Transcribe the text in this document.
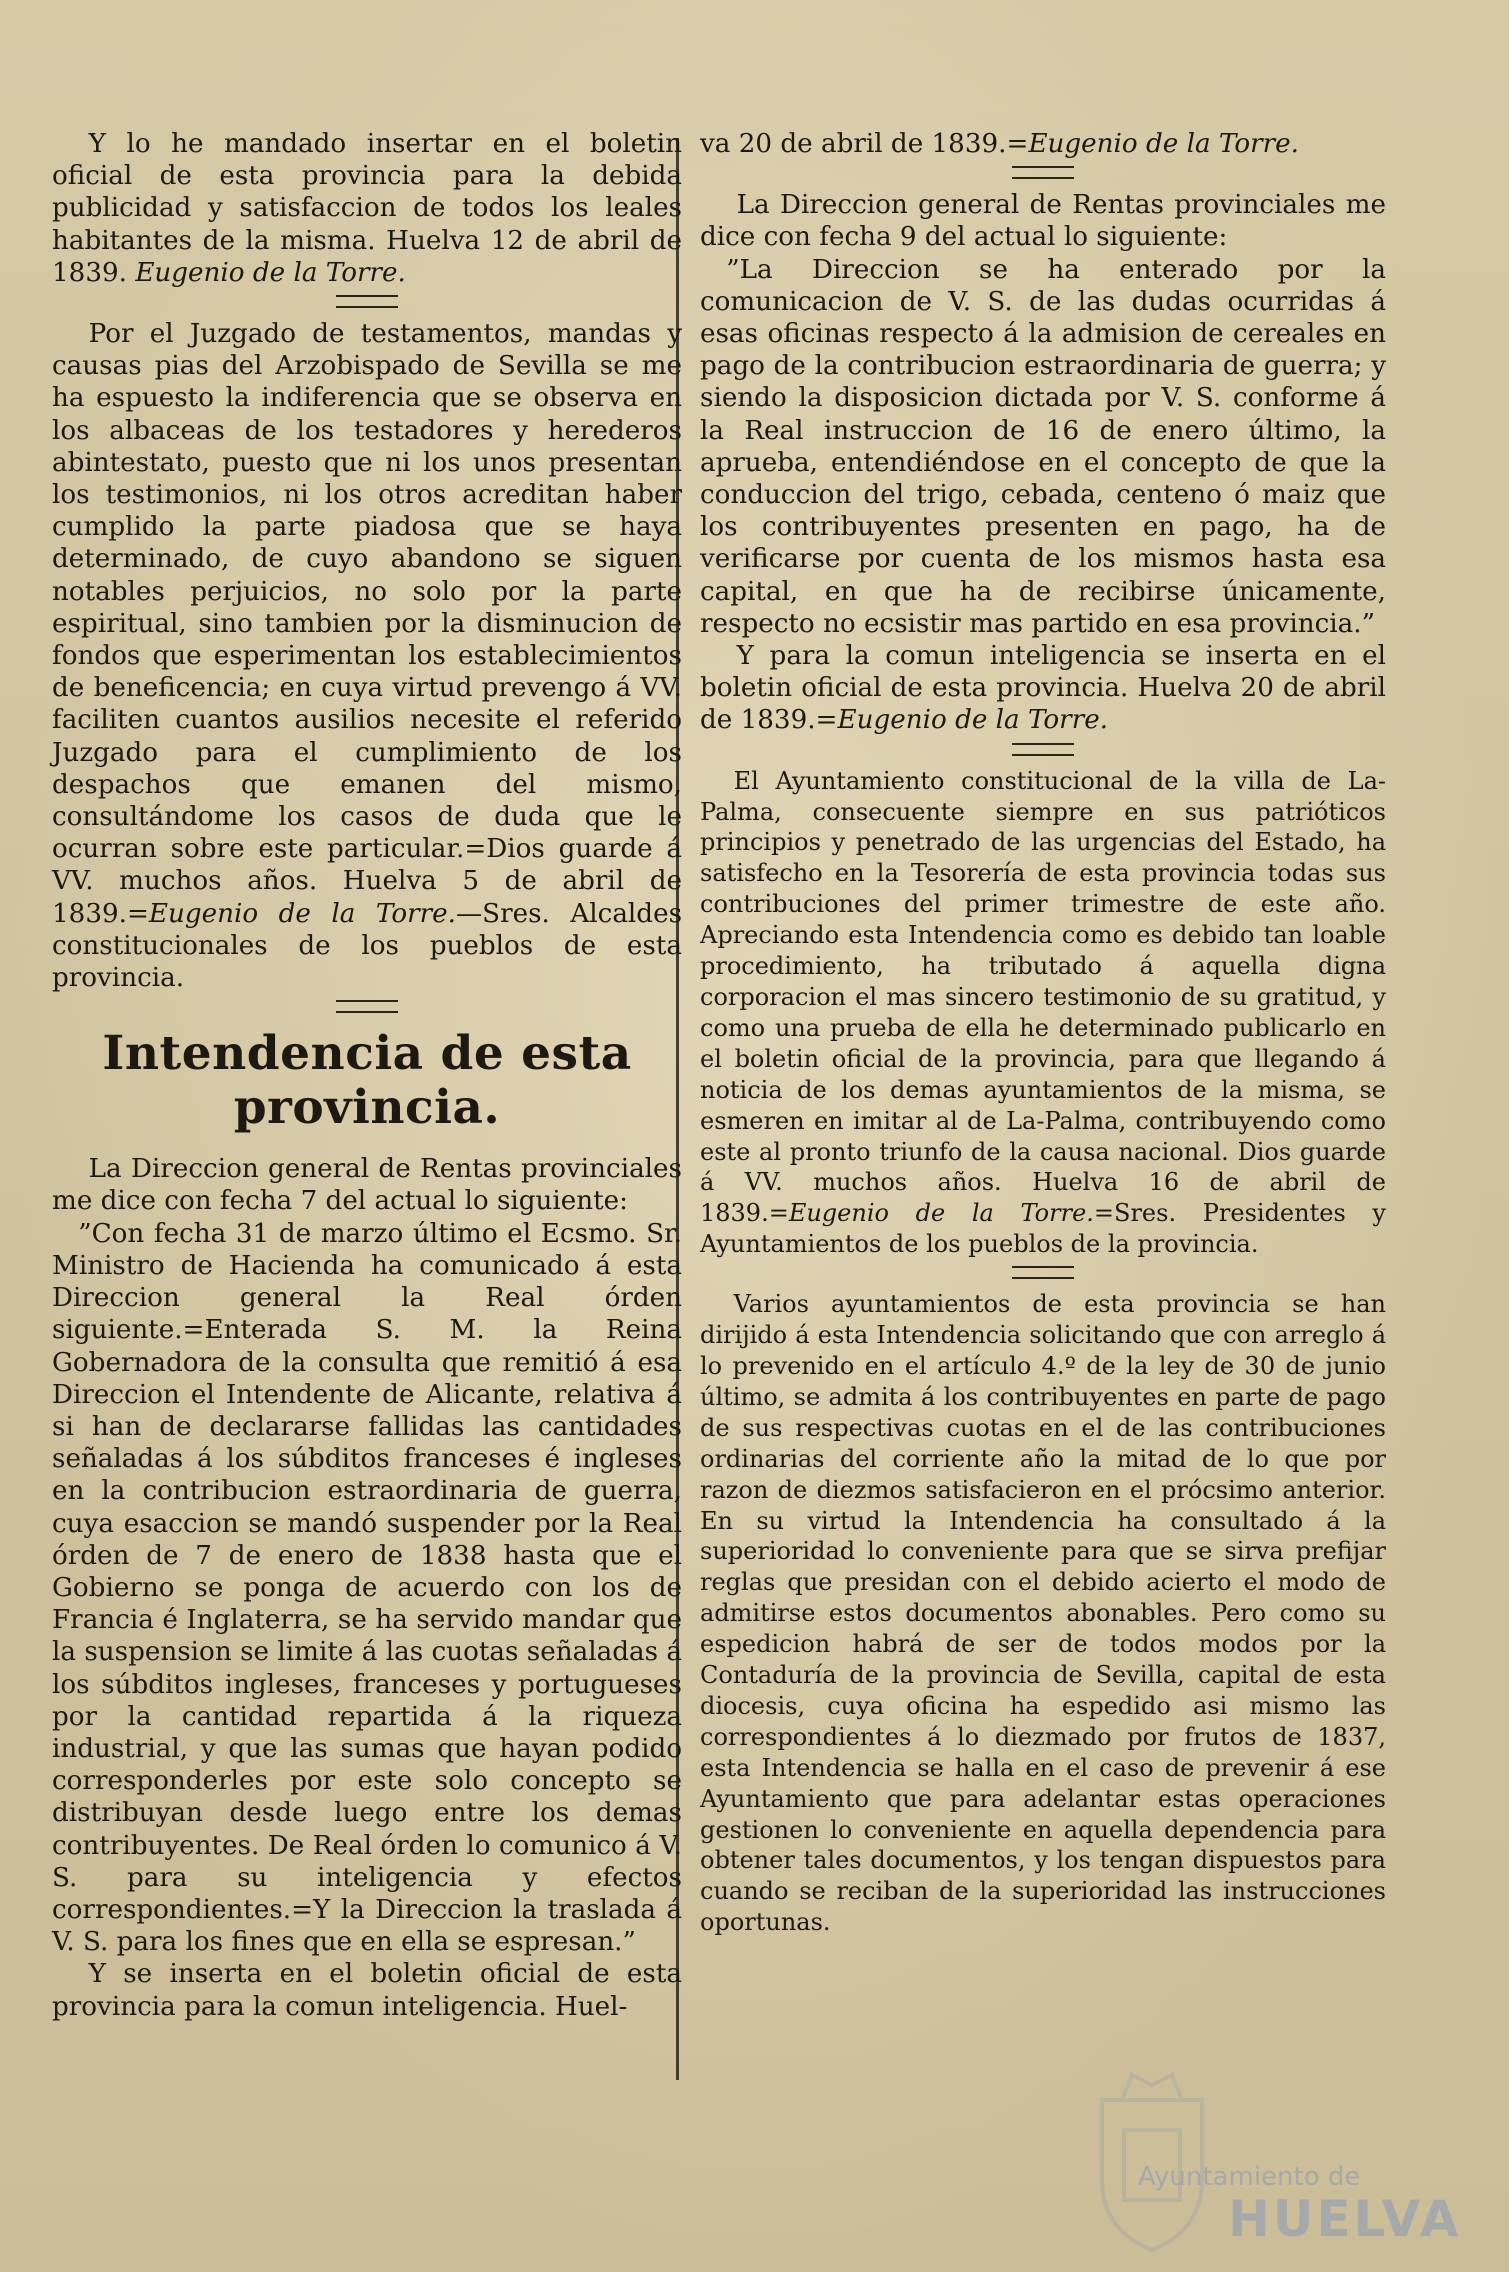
Y lo he mandado insertar en el boletin oficial de esta provincia para la debida publicidad y satisfaccion de todos los leales habitantes de la misma. Huelva 12 de abril de 1839. Eugenio de la Torre.

Por el Juzgado de testamentos, mandas y causas pias del Arzobispado de Sevilla se me ha espuesto la indiferencia que se observa en los albaceas de los testadores y herederos abintestato, puesto que ni los unos presentan los testimonios, ni los otros acreditan haber cumplido la parte piadosa que se haya determinado, de cuyo abandono se siguen notables perjuicios, no solo por la parte espiritual, sino tambien por la disminucion de fondos que esperimentan los establecimientos de beneficencia; en cuya virtud prevengo á VV. faciliten cuantos ausilios necesite el referido Juzgado para el cumplimiento de los despachos que emanen del mismo, consultándome los casos de duda que le ocurran sobre este particular.=Dios guarde á VV. muchos años. Huelva 5 de abril de 1839.=Eugenio de la Torre.—Sres. Alcaldes constitucionales de los pueblos de esta provincia.

Intendencia de esta provincia.

La Direccion general de Rentas provinciales me dice con fecha 7 del actual lo siguiente:

”Con fecha 31 de marzo último el Ecsmo. Sr. Ministro de Hacienda ha comunicado á esta Direccion general la Real órden siguiente.=Enterada S. M. la Reina Gobernadora de la consulta que remitió á esa Direccion el Intendente de Alicante, relativa á si han de declararse fallidas las cantidades señaladas á los súbditos franceses é ingleses en la contribucion estraordinaria de guerra, cuya esaccion se mandó suspender por la Real órden de 7 de enero de 1838 hasta que el Gobierno se ponga de acuerdo con los de Francia é Inglaterra, se ha servido mandar que la suspension se limite á las cuotas señaladas á los súbditos ingleses, franceses y portugueses por la cantidad repartida á la riqueza industrial, y que las sumas que hayan podido corresponderles por este solo concepto se distribuyan desde luego entre los demas contribuyentes. De Real órden lo comunico á V. S. para su inteligencia y efectos correspondientes.=Y la Direccion la traslada á V. S. para los fines que en ella se espresan.”

Y se inserta en el boletin oficial de esta provincia para la comun inteligencia. Huel-

va 20 de abril de 1839.=Eugenio de la Torre.

La Direccion general de Rentas provinciales me dice con fecha 9 del actual lo siguiente:

”La Direccion se ha enterado por la comunicacion de V. S. de las dudas ocurridas á esas oficinas respecto á la admision de cereales en pago de la contribucion estraordinaria de guerra; y siendo la disposicion dictada por V. S. conforme á la Real instruccion de 16 de enero último, la aprueba, entendiéndose en el concepto de que la conduccion del trigo, cebada, centeno ó maiz que los contribuyentes presenten en pago, ha de verificarse por cuenta de los mismos hasta esa capital, en que ha de recibirse únicamente, respecto no ecsistir mas partido en esa provincia.”

Y para la comun inteligencia se inserta en el boletin oficial de esta provincia. Huelva 20 de abril de 1839.=Eugenio de la Torre.

El Ayuntamiento constitucional de la villa de La-Palma, consecuente siempre en sus patrióticos principios y penetrado de las urgencias del Estado, ha satisfecho en la Tesorería de esta provincia todas sus contribuciones del primer trimestre de este año. Apreciando esta Intendencia como es debido tan loable procedimiento, ha tributado á aquella digna corporacion el mas sincero testimonio de su gratitud, y como una prueba de ella he determinado publicarlo en el boletin oficial de la provincia, para que llegando á noticia de los demas ayuntamientos de la misma, se esmeren en imitar al de La-Palma, contribuyendo como este al pronto triunfo de la causa nacional. Dios guarde á VV. muchos años. Huelva 16 de abril de 1839.=Eugenio de la Torre.=Sres. Presidentes y Ayuntamientos de los pueblos de la provincia.

Varios ayuntamientos de esta provincia se han dirijido á esta Intendencia solicitando que con arreglo á lo prevenido en el artículo 4.º de la ley de 30 de junio último, se admita á los contribuyentes en parte de pago de sus respectivas cuotas en el de las contribuciones ordinarias del corriente año la mitad de lo que por razon de diezmos satisfacieron en el prócsimo anterior. En su virtud la Intendencia ha consultado á la superioridad lo conveniente para que se sirva prefijar reglas que presidan con el debido acierto el modo de admitirse estos documentos abonables. Pero como su espedicion habrá de ser de todos modos por la Contaduría de la provincia de Sevilla, capital de esta diocesis, cuya oficina ha espedido asi mismo las correspondientes á lo diezmado por frutos de 1837, esta Intendencia se halla en el caso de prevenir á ese Ayuntamiento que para adelantar estas operaciones gestionen lo conveniente en aquella dependencia para obtener tales documentos, y los tengan dispuestos para cuando se reciban de la superioridad las instrucciones oportunas.

Ayuntamiento de
HUELVA
